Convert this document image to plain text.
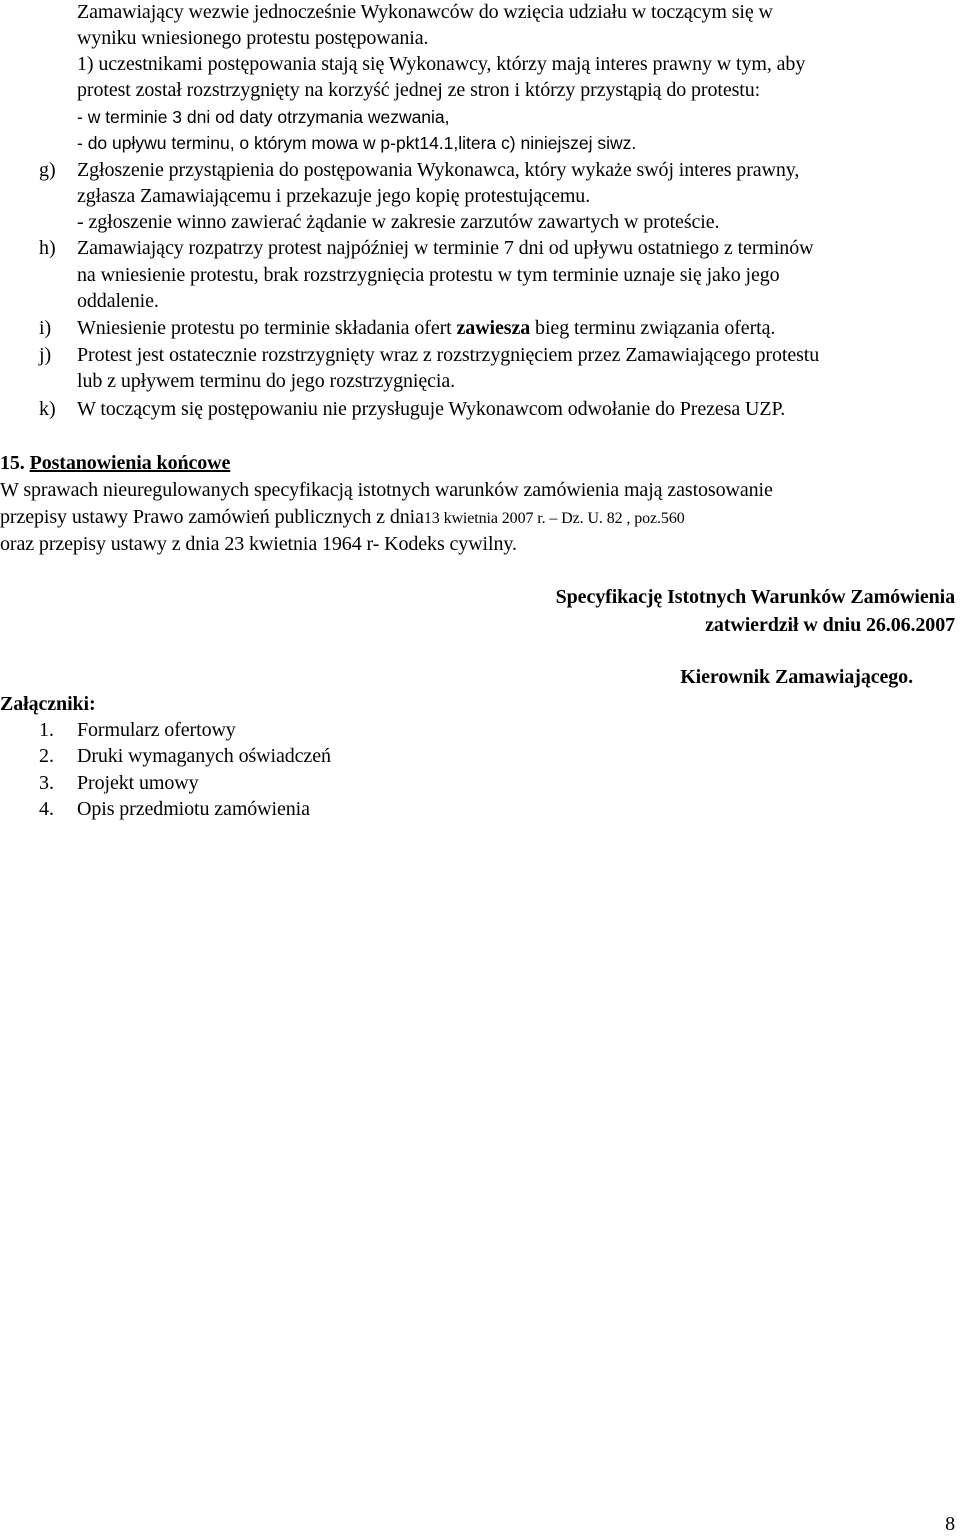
Zamawiający wezwie jednocześnie Wykonawców do wzięcia udziału w toczącym się w
wyniku wniesionego protestu postępowania.
1) uczestnikami postępowania stają się Wykonawcy, którzy mają interes prawny w tym, aby
protest został rozstrzygnięty na korzyść jednej ze stron i którzy przystąpią do protestu:
- w terminie 3 dni od daty otrzymania wezwania,
- do upływu terminu, o którym mowa w p-pkt14.1,litera c) niniejszej siwz.
g) Zgłoszenie przystąpienia do postępowania Wykonawca, który wykaże swój interes prawny,
zgłasza Zamawiającemu i przekazuje jego kopię protestującemu.
- zgłoszenie winno zawierać żądanie w zakresie zarzutów zawartych w proteście.
h) Zamawiający rozpatrzy protest najpóźniej w terminie 7 dni od upływu ostatniego z terminów
na wniesienie protestu, brak rozstrzygnięcia protestu w tym terminie uznaje się jako jego
oddalenie.
i) Wniesienie protestu po terminie składania ofert zawiesza bieg terminu związania ofertą.
j) Protest jest ostatecznie rozstrzygnięty wraz z rozstrzygnięciem przez Zamawiającego protestu
lub z upływem terminu do jego rozstrzygnięcia.
k) W toczącym się postępowaniu nie przysługuje Wykonawcom odwołanie do Prezesa UZP.
15. Postanowienia końcowe
W sprawach nieuregulowanych specyfikacją istotnych warunków zamówienia mają zastosowanie
przepisy ustawy Prawo zamówień publicznych z dnia13 kwietnia 2007 r. – Dz. U. 82 , poz.560
oraz przepisy ustawy z dnia 23 kwietnia 1964 r- Kodeks cywilny.
Specyfikację Istotnych Warunków Zamówienia
zatwierdził w dniu 26.06.2007
Kierownik Zamawiającego.
Załączniki:
1. Formularz ofertowy
2. Druki wymaganych oświadczeń
3. Projekt umowy
4. Opis przedmiotu zamówienia
8
